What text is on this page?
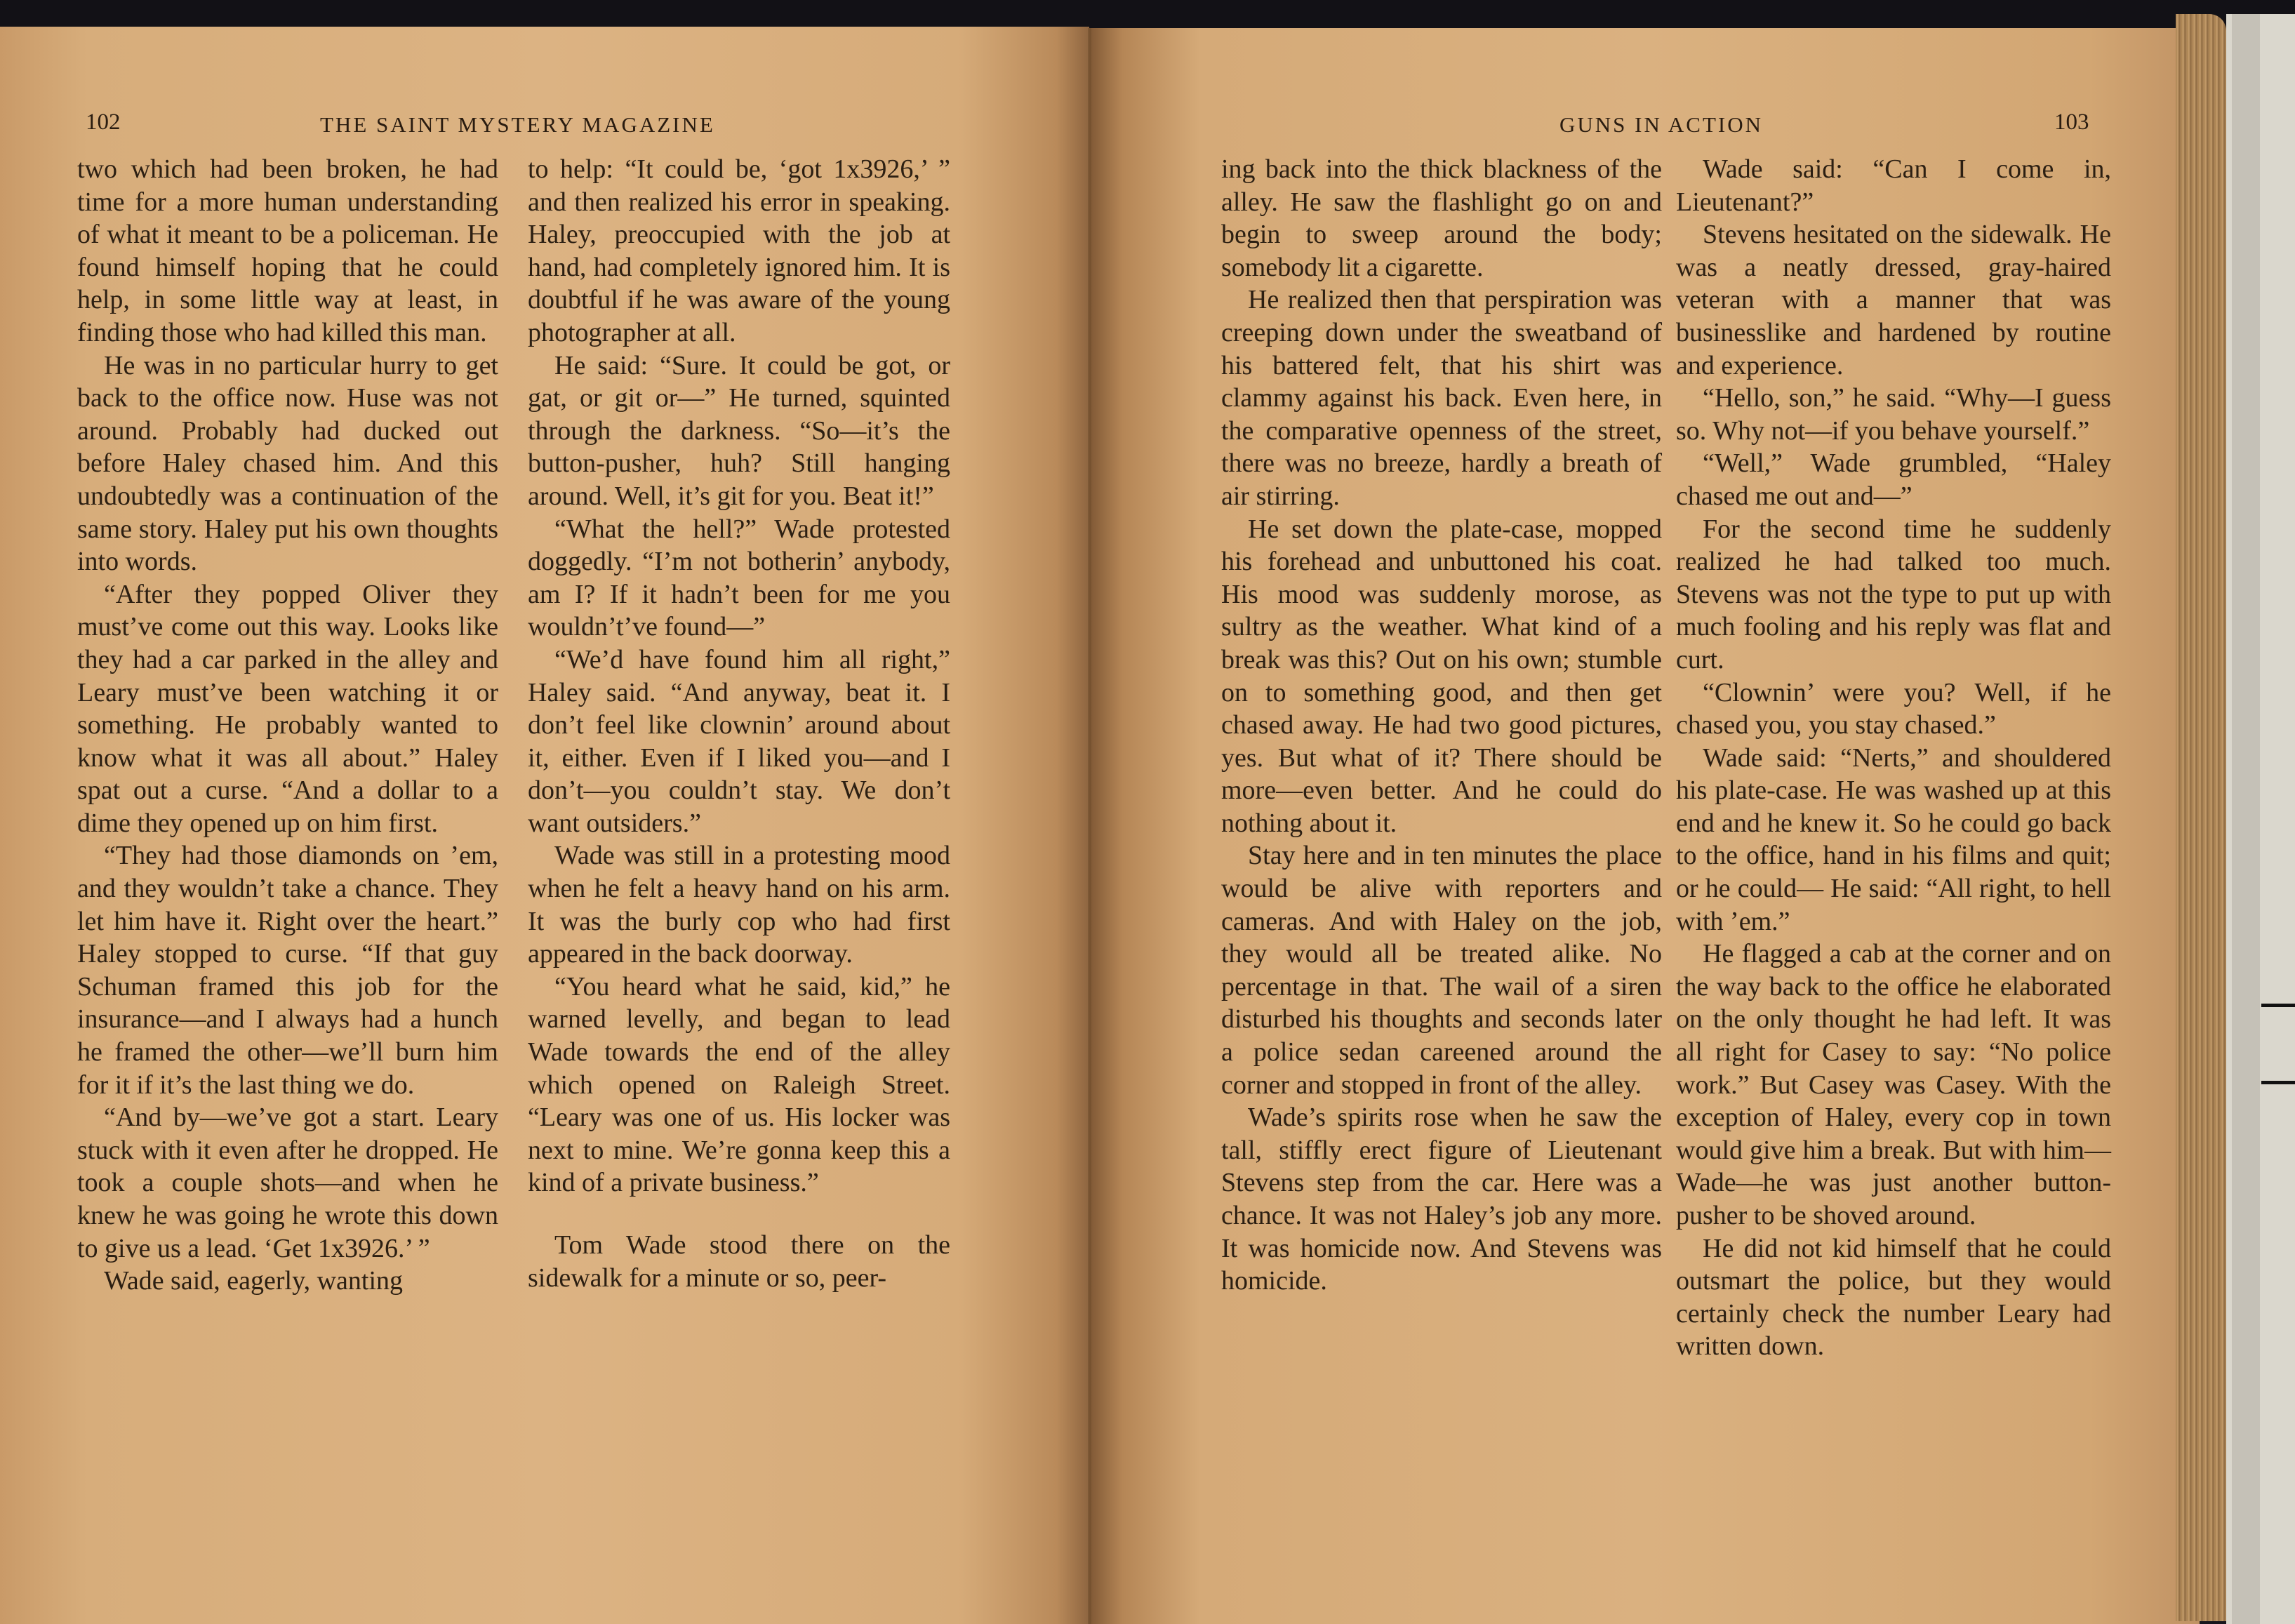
102	THE SAINT MYSTERY MAGAZINE	GUNS IN ACTION	103

two which had been broken, he had time for a more human understanding of what it meant to be a policeman. He found himself hoping that he could help, in some little way at least, in finding those who had killed this man.

He was in no particular hurry to get back to the office now. Huse was not around. Probably had ducked out before Haley chased him. And this undoubtedly was a continuation of the same story. Haley put his own thoughts into words.

“After they popped Oliver they must’ve come out this way. Looks like they had a car parked in the alley and Leary must’ve been watching it or something. He probably wanted to know what it was all about.” Haley spat out a curse. “And a dollar to a dime they opened up on him first.

“They had those diamonds on ’em, and they wouldn’t take a chance. They let him have it. Right over the heart.” Haley stopped to curse. “If that guy Schuman framed this job for the insurance—and I always had a hunch he framed the other—we’ll burn him for it if it’s the last thing we do.

“And by—we’ve got a start. Leary stuck with it even after he dropped. He took a couple shots—and when he knew he was going he wrote this down to give us a lead. ‘Get 1x3926.’ ”

Wade said, eagerly, wanting

to help: “It could be, ‘got 1x3926,’ ” and then realized his error in speaking. Haley, preoccupied with the job at hand, had completely ignored him. It is doubtful if he was aware of the young photographer at all.

He said: “Sure. It could be got, or gat, or git or—” He turned, squinted through the darkness. “So—it’s the button-pusher, huh? Still hanging around. Well, it’s git for you. Beat it!”

“What the hell?” Wade protested doggedly. “I’m not botherin’ anybody, am I? If it hadn’t been for me you wouldn’t’ve found—”

“We’d have found him all right,” Haley said. “And anyway, beat it. I don’t feel like clownin’ around about it, either. Even if I liked you—and I don’t—you couldn’t stay. We don’t want outsiders.”

Wade was still in a protesting mood when he felt a heavy hand on his arm. It was the burly cop who had first appeared in the back doorway.

“You heard what he said, kid,” he warned levelly, and began to lead Wade towards the end of the alley which opened on Raleigh Street. “Leary was one of us. His locker was next to mine. We’re gonna keep this a kind of a private business.”

Tom Wade stood there on the sidewalk for a minute or so, peer-

ing back into the thick blackness of the alley. He saw the flashlight go on and begin to sweep around the body; somebody lit a cigarette.

He realized then that perspiration was creeping down under the sweatband of his battered felt, that his shirt was clammy against his back. Even here, in the comparative openness of the street, there was no breeze, hardly a breath of air stirring.

He set down the plate-case, mopped his forehead and unbuttoned his coat. His mood was suddenly morose, as sultry as the weather. What kind of a break was this? Out on his own; stumble on to something good, and then get chased away. He had two good pictures, yes. But what of it? There should be more—even better. And he could do nothing about it.

Stay here and in ten minutes the place would be alive with reporters and cameras. And with Haley on the job, they would all be treated alike. No percentage in that. The wail of a siren disturbed his thoughts and seconds later a police sedan careened around the corner and stopped in front of the alley.

Wade’s spirits rose when he saw the tall, stiffly erect figure of Lieutenant Stevens step from the car. Here was a chance. It was not Haley’s job any more. It was homicide now. And Stevens was homicide.

Wade said: “Can I come in, Lieutenant?”

Stevens hesitated on the sidewalk. He was a neatly dressed, gray-haired veteran with a manner that was businesslike and hardened by routine and experience.

“Hello, son,” he said. “Why—I guess so. Why not—if you behave yourself.”

“Well,” Wade grumbled, “Haley chased me out and—”

For the second time he suddenly realized he had talked too much. Stevens was not the type to put up with much fooling and his reply was flat and curt.

“Clownin’ were you? Well, if he chased you, you stay chased.”

Wade said: “Nerts,” and shouldered his plate-case. He was washed up at this end and he knew it. So he could go back to the office, hand in his films and quit; or he could— He said: “All right, to hell with ’em.”

He flagged a cab at the corner and on the way back to the office he elaborated on the only thought he had left. It was all right for Casey to say: “No police work.” But Casey was Casey. With the exception of Haley, every cop in town would give him a break. But with him—Wade—he was just another button-pusher to be shoved around.

He did not kid himself that he could outsmart the police, but they would certainly check the number Leary had written down.
